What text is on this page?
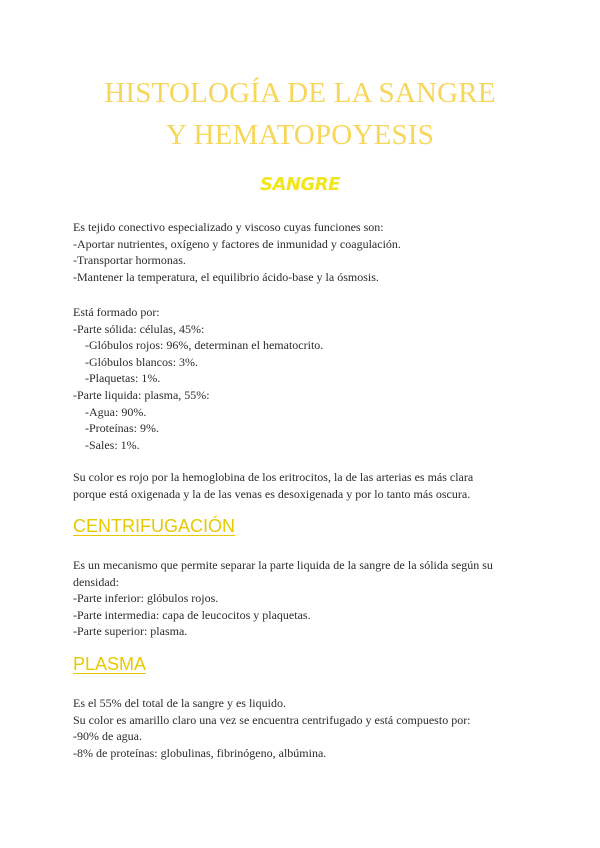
HISTOLOGÍA DE LA SANGRE
Y HEMATOPOYESIS
SANGRE
Es tejido conectivo especializado y viscoso cuyas funciones son:
-Aportar nutrientes, oxígeno y factores de inmunidad y coagulación.
-Transportar hormonas.
-Mantener la temperatura, el equilibrio ácido-base y la ósmosis.
Está formado por:
-Parte sólida: células, 45%:
-Glóbulos rojos: 96%, determinan el hematocrito.
-Glóbulos blancos: 3%.
-Plaquetas: 1%.
-Parte liquida: plasma, 55%:
-Agua: 90%.
-Proteínas: 9%.
-Sales: 1%.
Su color es rojo por la hemoglobina de los eritrocitos, la de las arterias es más clara
porque está oxigenada y la de las venas es desoxigenada y por lo tanto más oscura.
CENTRIFUGACIÓN
Es un mecanismo que permite separar la parte liquida de la sangre de la sólida según su
densidad:
-Parte inferior: glóbulos rojos.
-Parte intermedia: capa de leucocitos y plaquetas.
-Parte superior: plasma.
PLASMA
Es el 55% del total de la sangre y es liquido.
Su color es amarillo claro una vez se encuentra centrifugado y está compuesto por:
-90% de agua.
-8% de proteínas: globulinas, fibrinógeno, albúmina.
